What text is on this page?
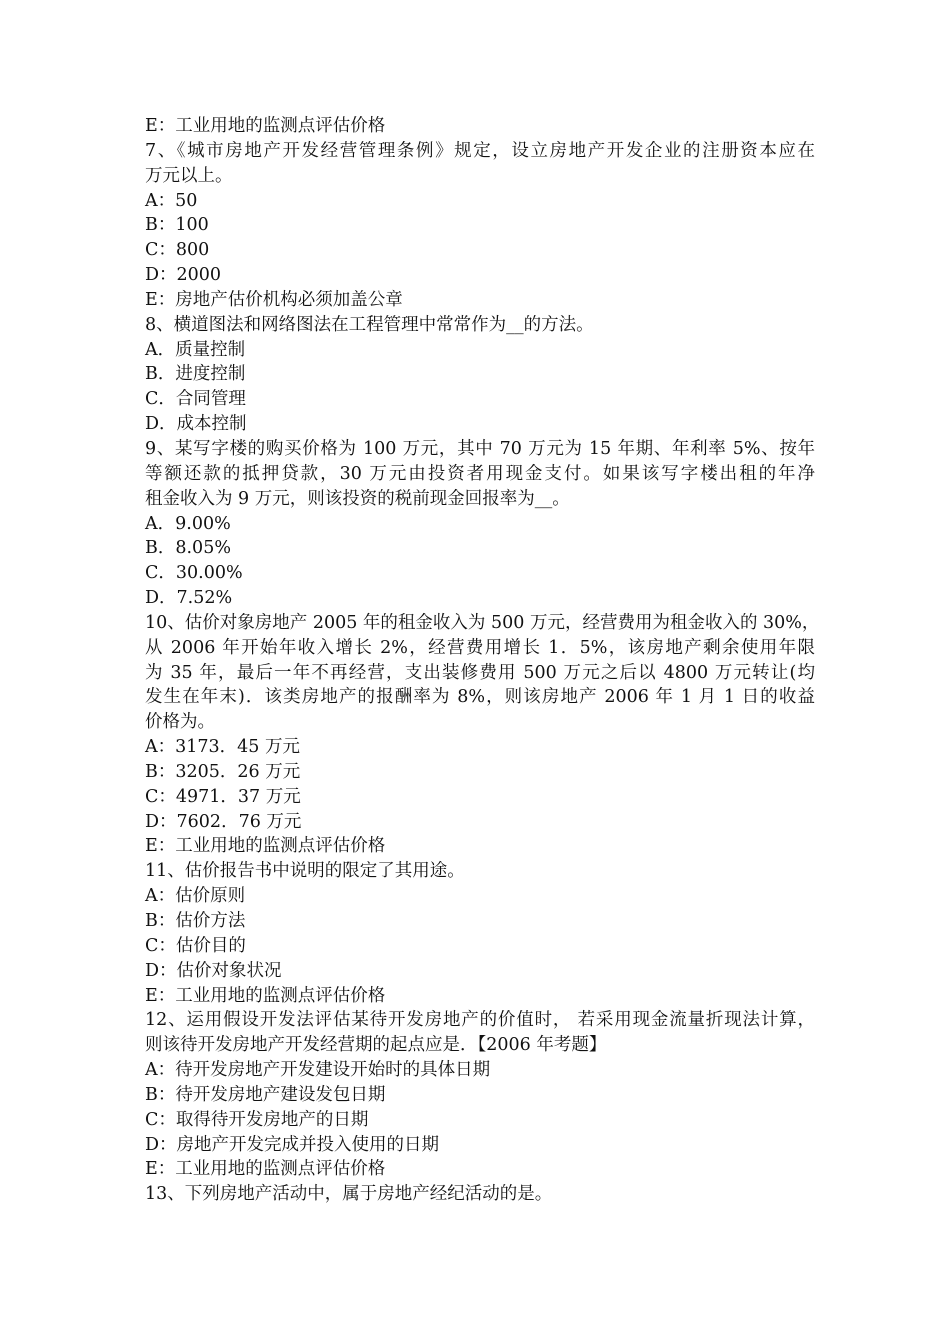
E：工业用地的监测点评估价格
7、《城市房地产开发经营管理条例》规定，设立房地产开发企业的注册资本应在
万元以上。
A：50
B：100
C：800
D：2000
E：房地产估价机构必须加盖公章
8、横道图法和网络图法在工程管理中常常作为__的方法。
A．质量控制
B．进度控制
C．合同管理
D．成本控制
9、某写字楼的购买价格为 100 万元，其中 70 万元为 15 年期、年利率 5%、按年
等额还款的抵押贷款，30 万元由投资者用现金支付。如果该写字楼出租的年净
租金收入为 9 万元，则该投资的税前现金回报率为__。
A．9.00%
B．8.05%
C．30.00%
D．7.52%
10、估价对象房地产 2005 年的租金收入为 500 万元，经营费用为租金收入的 30%，
从 2006 年开始年收入增长 2%，经营费用增长 1．5%，该房地产剩余使用年限
为 35 年，最后一年不再经营，支出装修费用 500 万元之后以 4800 万元转让(均
发生在年末)．该类房地产的报酬率为 8%，则该房地产 2006 年 1 月 1 日的收益
价格为。
A：3173．45 万元
B：3205．26 万元
C：4971．37 万元
D：7602．76 万元
E：工业用地的监测点评估价格
11、估价报告书中说明的限定了其用途。
A：估价原则
B：估价方法
C：估价目的
D：估价对象状况
E：工业用地的监测点评估价格
12、运用假设开发法评估某待开发房地产的价值时， 若采用现金流量折现法计算，
则该待开发房地产开发经营期的起点应是．【2006 年考题】
A：待开发房地产开发建设开始时的具体日期
B：待开发房地产建设发包日期
C：取得待开发房地产的日期
D：房地产开发完成并投入使用的日期
E：工业用地的监测点评估价格
13、下列房地产活动中，属于房地产经纪活动的是。
